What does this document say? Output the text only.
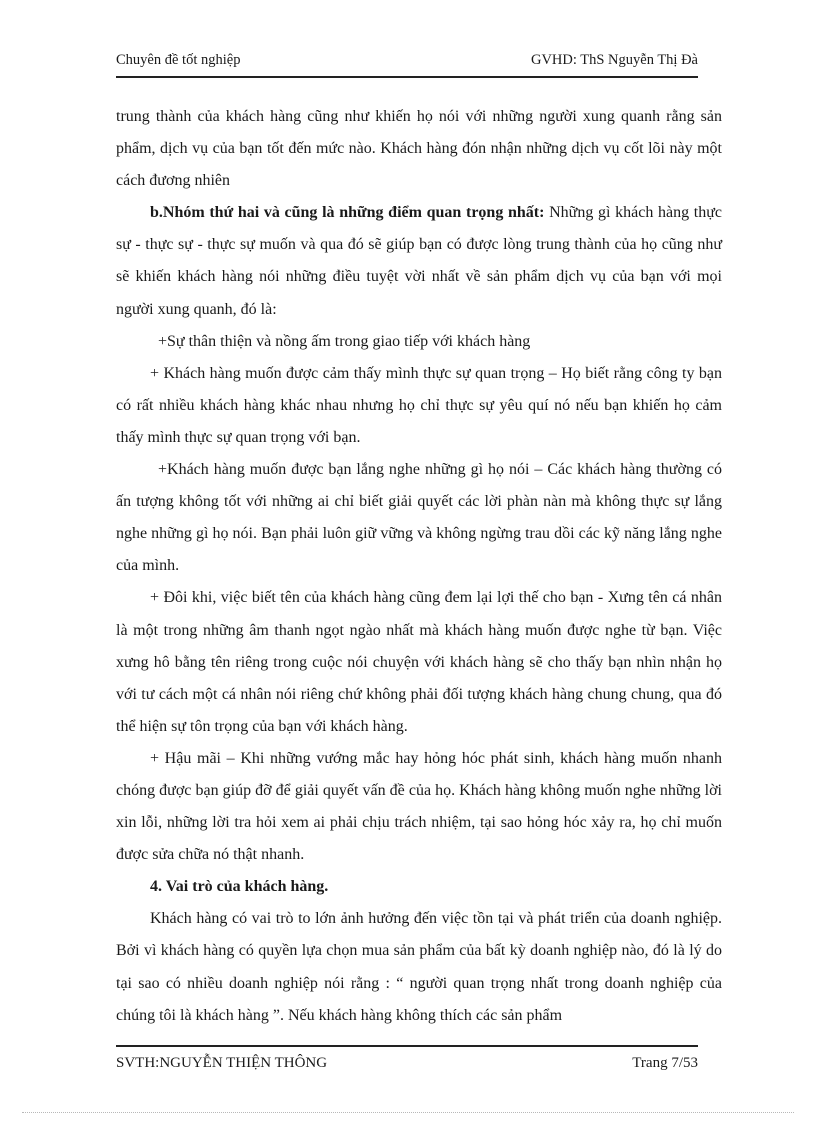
Chuyên đề tốt nghiệp	GVHD: ThS Nguyễn Thị Đà

trung thành của khách hàng cũng như khiến họ nói với những người xung quanh rằng sản phẩm, dịch vụ của bạn tốt đến mức nào. Khách hàng đón nhận những dịch vụ cốt lõi này một cách đương nhiên

b.Nhóm thứ hai và cũng là những điểm quan trọng nhất: Những gì khách hàng thực sự - thực sự - thực sự muốn và qua đó sẽ giúp bạn có được lòng trung thành của họ cũng như sẽ khiến khách hàng nói những điều tuyệt vời nhất về sản phẩm dịch vụ của bạn với mọi người xung quanh, đó là:

+Sự thân thiện và nồng ấm trong giao tiếp với khách hàng

+ Khách hàng muốn được cảm thấy mình thực sự quan trọng – Họ biết rằng công ty bạn có rất nhiều khách hàng khác nhau nhưng họ chỉ thực sự yêu quí nó nếu bạn khiến họ cảm thấy mình thực sự quan trọng với bạn.

+Khách hàng muốn được bạn lắng nghe những gì họ nói – Các khách hàng thường có ấn tượng không tốt với những ai chỉ biết giải quyết các lời phàn nàn mà không thực sự lắng nghe những gì họ nói. Bạn phải luôn giữ vững và không ngừng trau dồi các kỹ năng lắng nghe của mình.

+ Đôi khi, việc biết tên của khách hàng cũng đem lại lợi thế cho bạn - Xưng tên cá nhân là một trong những âm thanh ngọt ngào nhất mà khách hàng muốn được nghe từ bạn. Việc xưng hô bằng tên riêng trong cuộc nói chuyện với khách hàng sẽ cho thấy bạn nhìn nhận họ với tư cách một cá nhân nói riêng chứ không phải đối tượng khách hàng chung chung, qua đó thể hiện sự tôn trọng của bạn với khách hàng.

+ Hậu mãi – Khi những vướng mắc hay hỏng hóc phát sinh, khách hàng muốn nhanh chóng được bạn giúp đỡ để giải quyết vấn đề của họ. Khách hàng không muốn nghe những lời xin lỗi, những lời tra hỏi xem ai phải chịu trách nhiệm, tại sao hỏng hóc xảy ra, họ chỉ muốn được sửa chữa nó thật nhanh.

4. Vai trò của khách hàng.

Khách hàng có vai trò to lớn ảnh hưởng đến việc tồn tại và phát triển của doanh nghiệp. Bởi vì khách hàng có quyền lựa chọn mua sản phẩm của bất kỳ doanh nghiệp nào, đó là lý do tại sao có nhiều doanh nghiệp nói rằng : “ người quan trọng nhất trong doanh nghiệp của chúng tôi là khách hàng ”. Nếu khách hàng không thích các sản phẩm

SVTH:NGUYỄN THIỆN THÔNG	Trang 7/53
